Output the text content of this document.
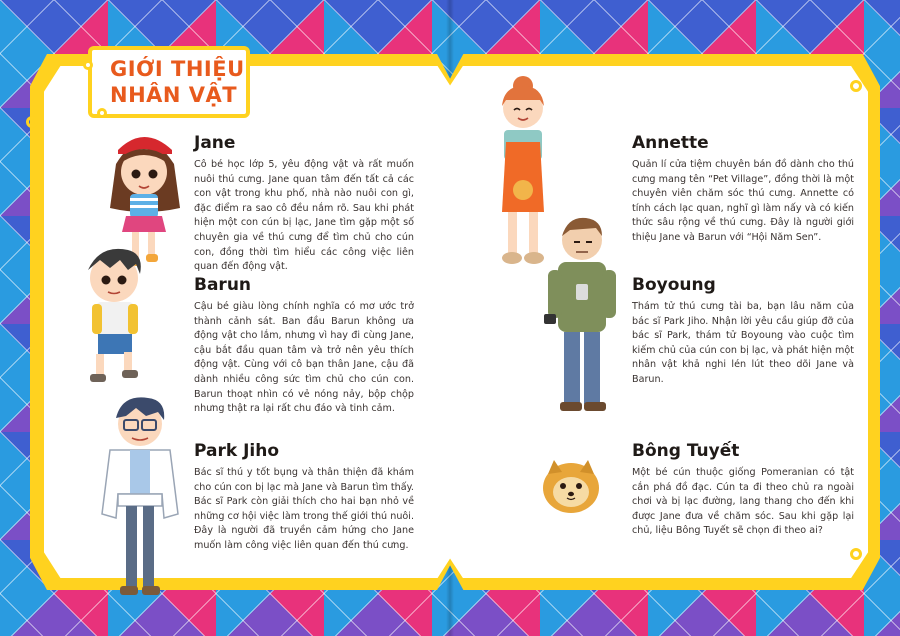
GIỚI THIỆU
NHÂN VẬT

Jane

Cô bé học lớp 5, yêu động vật và rất muốn nuôi thú cưng. Jane quan tâm đến tất cả các con vật trong khu phố, nhà nào nuôi con gì, đặc điểm ra sao cô đều nắm rõ. Sau khi phát hiện một con cún bị lạc, Jane tìm gặp một số chuyên gia về thú cưng để tìm chủ cho cún con, đồng thời tìm hiểu các công việc liên quan đến động vật.

Barun

Cậu bé giàu lòng chính nghĩa có mơ ước trở thành cảnh sát. Ban đầu Barun không ưa động vật cho lắm, nhưng vì hay đi cùng Jane, cậu bắt đầu quan tâm và trở nên yêu thích động vật. Cùng với cô bạn thân Jane, cậu đã dành nhiều công sức tìm chủ cho cún con. Barun thoạt nhìn có vẻ nóng nảy, bộp chộp nhưng thật ra lại rất chu đáo và tinh cảm.

Park Jiho

Bác sĩ thú y tốt bụng và thân thiện đã khám cho cún con bị lạc mà Jane và Barun tìm thấy. Bác sĩ Park còn giải thích cho hai bạn nhỏ về những cơ hội việc làm trong thế giới thú nuôi. Đây là người đã truyền cảm hứng cho Jane muốn làm công việc liên quan đến thú cưng.

Annette

Quản lí cửa tiệm chuyên bán đồ dành cho thú cưng mang tên “Pet Village”, đồng thời là một chuyên viên chăm sóc thú cưng. Annette có tính cách lạc quan, nghĩ gì làm nấy và có kiến thức sâu rộng về thú cưng. Đây là người giới thiệu Jane và Barun với “Hội Năm Sen”.

Boyoung

Thám tử thú cưng tài ba, bạn lâu năm của bác sĩ Park Jiho. Nhận lời yêu cầu giúp đỡ của bác sĩ Park, thám tử Boyoung vào cuộc tìm kiếm chủ của cún con bị lạc, và phát hiện một nhân vật khả nghi lén lút theo dõi Jane và Barun.

Bông Tuyết

Một bé cún thuộc giống Pomeranian có tật cắn phá đồ đạc. Cún ta đi theo chủ ra ngoài chơi và bị lạc đường, lang thang cho đến khi được Jane đưa về chăm sóc. Sau khi gặp lại chủ, liệu Bông Tuyết sẽ chọn đi theo ai?
